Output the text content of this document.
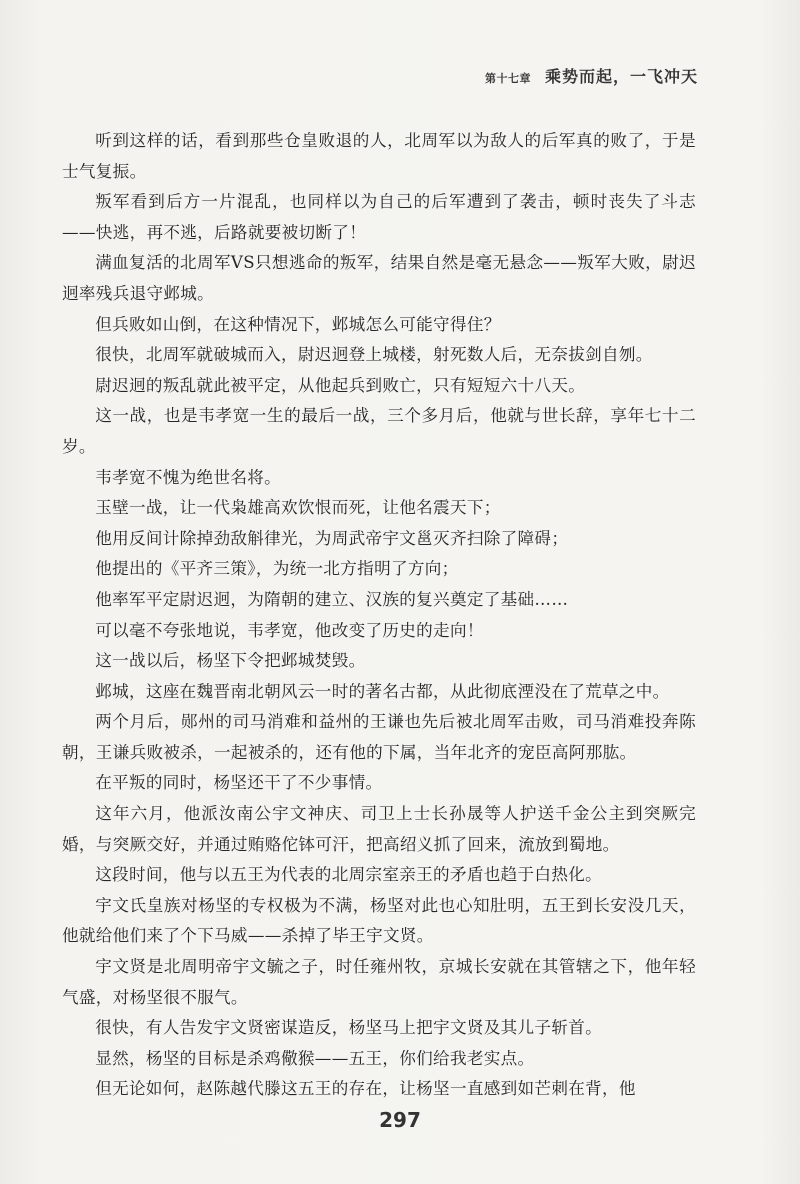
第十七章 乘势而起，一飞冲天

听到这样的话，看到那些仓皇败退的人，北周军以为敌人的后军真的败了，于是士气复振。

叛军看到后方一片混乱，也同样以为自己的后军遭到了袭击，顿时丧失了斗志——快逃，再不逃，后路就要被切断了！

满血复活的北周军VS只想逃命的叛军，结果自然是毫无悬念——叛军大败，尉迟迥率残兵退守邺城。

但兵败如山倒，在这种情况下，邺城怎么可能守得住？

很快，北周军就破城而入，尉迟迥登上城楼，射死数人后，无奈拔剑自刎。

尉迟迥的叛乱就此被平定，从他起兵到败亡，只有短短六十八天。

这一战，也是韦孝宽一生的最后一战，三个多月后，他就与世长辞，享年七十二岁。

韦孝宽不愧为绝世名将。

玉壁一战，让一代枭雄高欢饮恨而死，让他名震天下；

他用反间计除掉劲敌斛律光，为周武帝宇文邕灭齐扫除了障碍；

他提出的《平齐三策》，为统一北方指明了方向；

他率军平定尉迟迥，为隋朝的建立、汉族的复兴奠定了基础……

可以毫不夸张地说，韦孝宽，他改变了历史的走向！

这一战以后，杨坚下令把邺城焚毁。

邺城，这座在魏晋南北朝风云一时的著名古都，从此彻底湮没在了荒草之中。

两个月后，郧州的司马消难和益州的王谦也先后被北周军击败，司马消难投奔陈朝，王谦兵败被杀，一起被杀的，还有他的下属，当年北齐的宠臣高阿那肱。

在平叛的同时，杨坚还干了不少事情。

这年六月，他派汝南公宇文神庆、司卫上士长孙晟等人护送千金公主到突厥完婚，与突厥交好，并通过贿赂佗钵可汗，把高绍义抓了回来，流放到蜀地。

这段时间，他与以五王为代表的北周宗室亲王的矛盾也趋于白热化。

宇文氏皇族对杨坚的专权极为不满，杨坚对此也心知肚明，五王到长安没几天，他就给他们来了个下马威——杀掉了毕王宇文贤。

宇文贤是北周明帝宇文毓之子，时任雍州牧，京城长安就在其管辖之下，他年轻气盛，对杨坚很不服气。

很快，有人告发宇文贤密谋造反，杨坚马上把宇文贤及其儿子斩首。

显然，杨坚的目标是杀鸡儆猴——五王，你们给我老实点。

但无论如何，赵陈越代滕这五王的存在，让杨坚一直感到如芒刺在背，他

297
